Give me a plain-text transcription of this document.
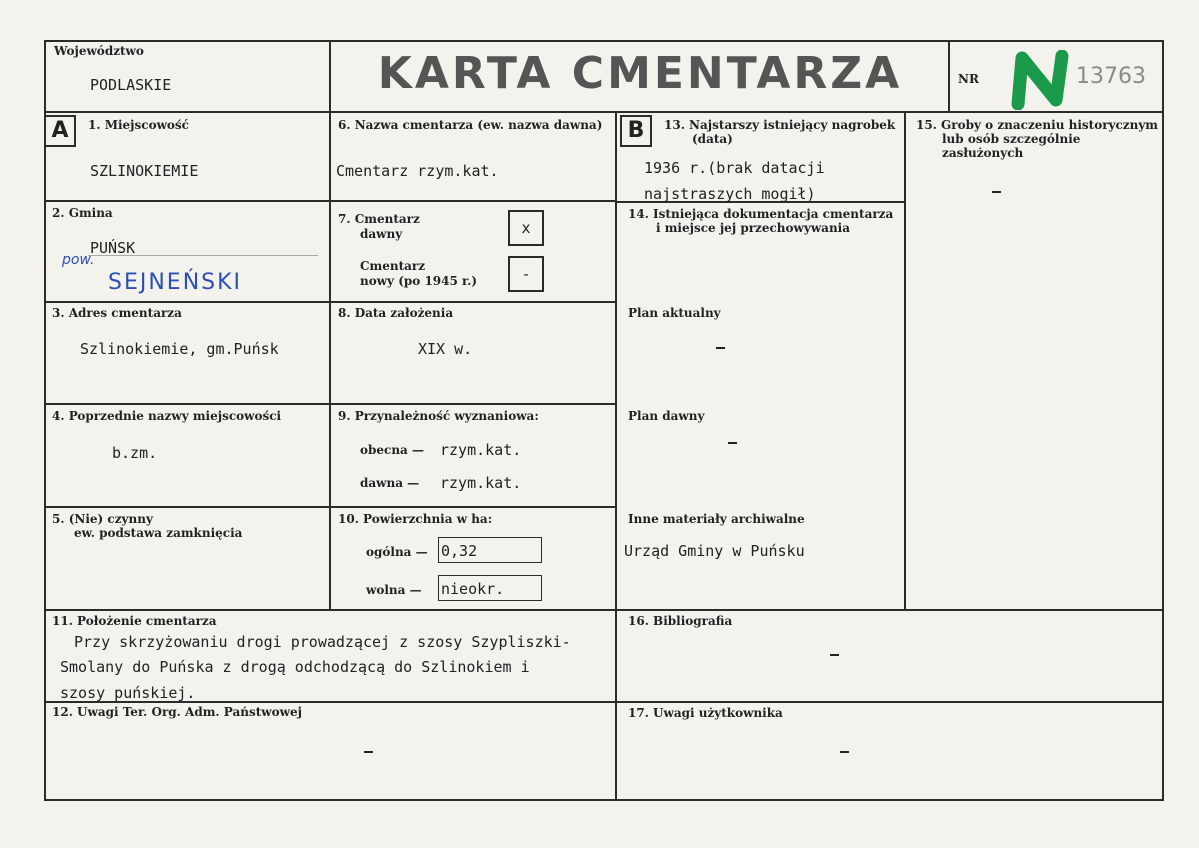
Województwo
PODLASKIE	KARTA CMENTARZA	NR	13763
A	1. Miejscowość
SZLINOKIEMIE
2. Gmina
PUŃSK
pow.
SEJNEŃSKI
3. Adres cmentarza
Szlinokiemie, gm.Puńsk
4. Poprzednie nazwy miejscowości
b.zm.
5. (Nie) czynny
ew. podstawa zamknięcia
6. Nazwa cmentarza (ew. nazwa dawna)
Cmentarz rzym.kat.
7. Cmentarz
dawny	x
Cmentarz
nowy (po 1945 r.)	-
8. Data założenia
XIX w.
9. Przynależność wyznaniowa:
obecna — rzym.kat.
dawna — rzym.kat.
10. Powierzchnia w ha:
ogólna — 0,32
wolna — nieokr.
B	13. Najstarszy istniejący nagrobek
(data)
1936 r.(brak datacji
najstraszych mogił)
14. Istniejąca dokumentacja cmentarza
i miejsce jej przechowywania
Plan aktualny
Plan dawny
Inne materiały archiwalne
Urząd Gminy w Puńsku
15. Groby o znaczeniu historycznym
lub osób szczególnie
zasłużonych
11. Położenie cmentarza
Przy skrzyżowaniu drogi prowadzącej z szosy Szypliszki-
Smolany do Puńska z drogą odchodzącą do Szlinokiem i
szosy puńskiej.
16. Bibliografia
12. Uwagi Ter. Org. Adm. Państwowej	17. Uwagi użytkownika
